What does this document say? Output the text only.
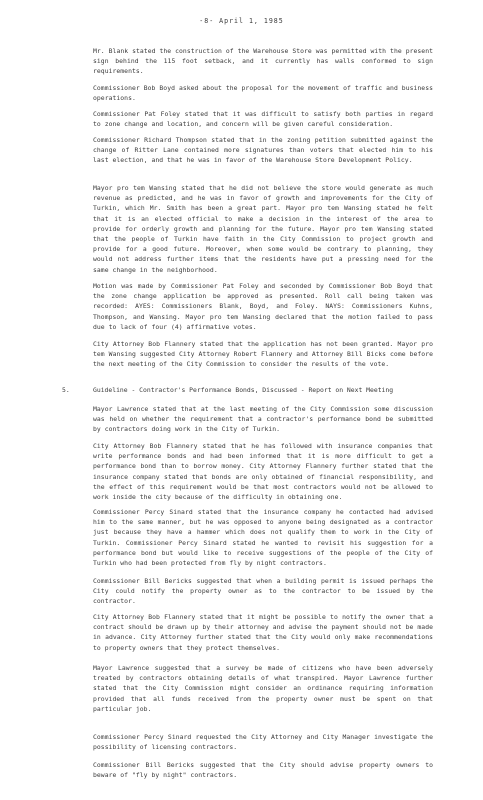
-8- April 1, 1985

Mr. Blank stated the construction of the Warehouse Store was permitted with the present sign behind the 115 foot setback, and it currently has walls conformed to sign requirements.

Commissioner Bob Boyd asked about the proposal for the movement of traffic and business operations.

Commissioner Pat Foley stated that it was difficult to satisfy both parties in regard to zone change and location, and concern will be given careful consideration.

Commissioner Richard Thompson stated that in the zoning petition submitted against the change of Ritter Lane contained more signatures than voters that elected him to his last election, and that he was in favor of the Warehouse Store Development Policy.

Mayor pro tem Wansing stated that he did not believe the store would generate as much revenue as predicted, and he was in favor of growth and improvements for the City of Turkin, which Mr. Smith has been a great part. Mayor pro tem Wansing stated he felt that it is an elected official to make a decision in the interest of the area to provide for orderly growth and planning for the future. Mayor pro tem Wansing stated that the people of Turkin have faith in the City Commission to project growth and provide for a good future. Moreover, when some would be contrary to planning, they would not address further items that the residents have put a pressing need for the same change in the neighborhood.

Motion was made by Commissioner Pat Foley and seconded by Commissioner Bob Boyd that the zone change application be approved as presented. Roll call being taken was recorded: AYES: Commissioners Blank, Boyd, and Foley. NAYS: Commissioners Kuhns, Thompson, and Wansing. Mayor pro tem Wansing declared that the motion failed to pass due to lack of four (4) affirmative votes.

City Attorney Bob Flannery stated that the application has not been granted. Mayor pro tem Wansing suggested City Attorney Robert Flannery and Attorney Bill Bicks come before the next meeting of the City Commission to consider the results of the vote.

5.	Guideline - Contractor's Performance Bonds, Discussed - Report on Next Meeting

Mayor Lawrence stated that at the last meeting of the City Commission some discussion was held on whether the requirement that a contractor's performance bond be submitted by contractors doing work in the City of Turkin.

City Attorney Bob Flannery stated that he has followed with insurance companies that write performance bonds and had been informed that it is more difficult to get a performance bond than to borrow money. City Attorney Flannery further stated that the insurance company stated that bonds are only obtained of financial responsibility, and the effect of this requirement would be that most contractors would not be allowed to work inside the city because of the difficulty in obtaining one.

Commissioner Percy Sinard stated that the insurance company he contacted had advised him to the same manner, but he was opposed to anyone being designated as a contractor just because they have a hammer which does not qualify them to work in the City of Turkin. Commissioner Percy Sinard stated he wanted to revisit his suggestion for a performance bond but would like to receive suggestions of the people of the City of Turkin who had been protected from fly by night contractors.

Commissioner Bill Bericks suggested that when a building permit is issued perhaps the City could notify the property owner as to the contractor to be issued by the contractor.

City Attorney Bob Flannery stated that it might be possible to notify the owner that a contract should be drawn up by their attorney and advise the payment should not be made in advance. City Attorney further stated that the City would only make recommendations to property owners that they protect themselves.

Mayor Lawrence suggested that a survey be made of citizens who have been adversely treated by contractors obtaining details of what transpired. Mayor Lawrence further stated that the City Commission might consider an ordinance requiring information provided that all funds received from the property owner must be spent on that particular job.

Commissioner Percy Sinard requested the City Attorney and City Manager investigate the possibility of licensing contractors.

Commissioner Bill Bericks suggested that the City should advise property owners to beware of "fly by night" contractors.
